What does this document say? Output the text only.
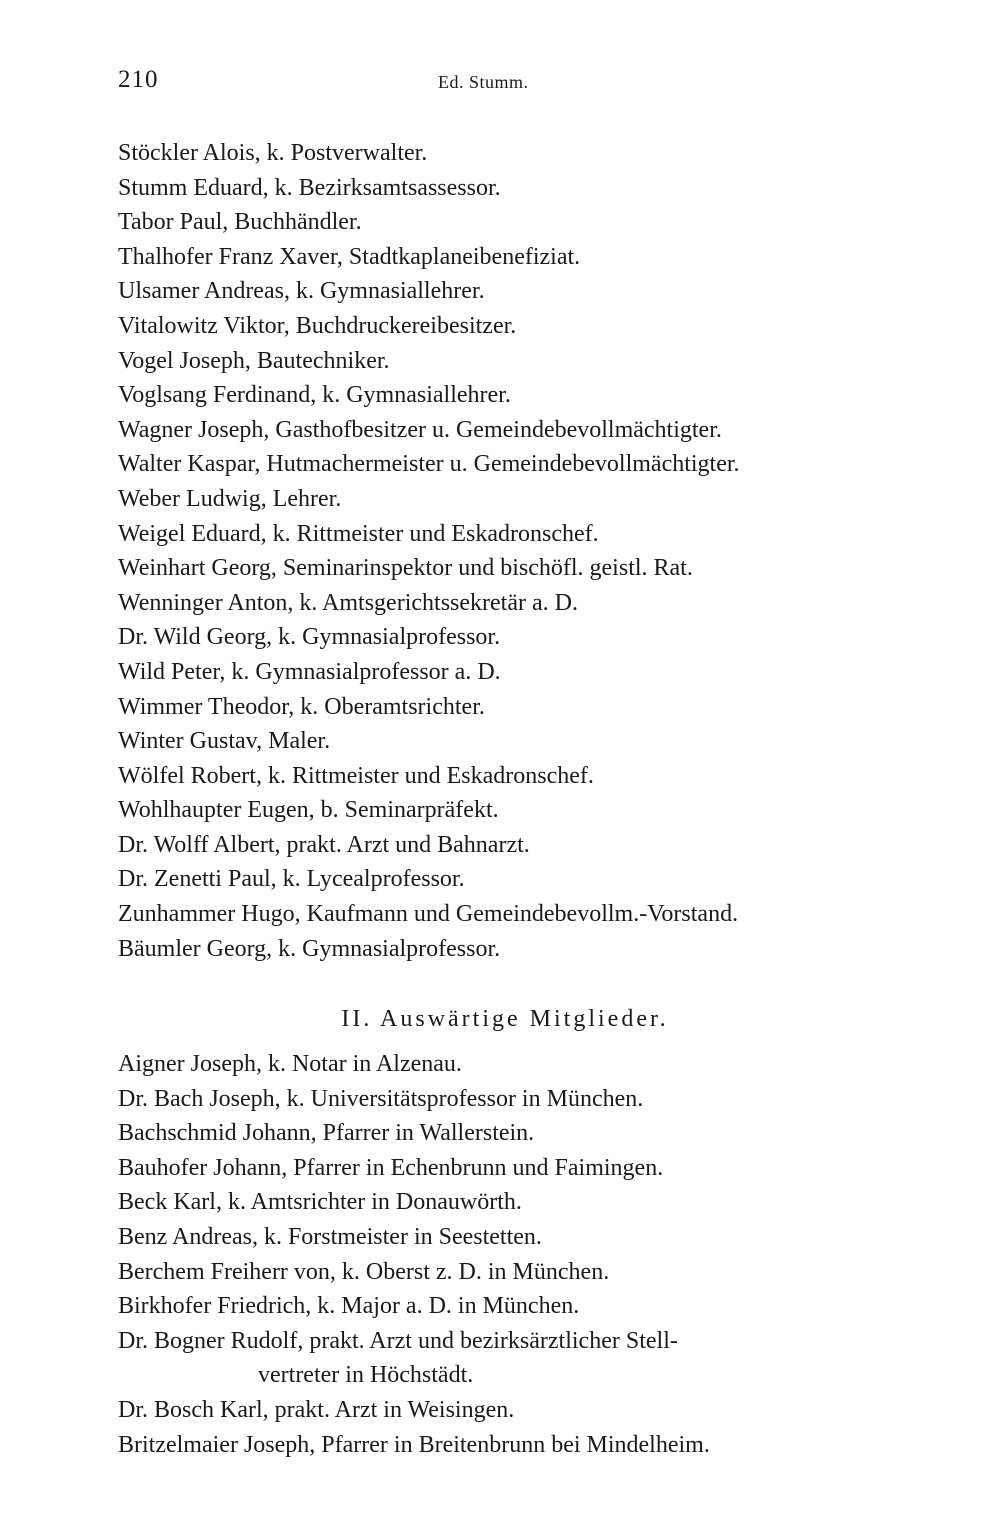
210	Ed. Stumm.
Stöckler Alois, k. Postverwalter.
Stumm Eduard, k. Bezirksamtsassessor.
Tabor Paul, Buchhändler.
Thalhofer Franz Xaver, Stadtkaplaneibenefiziat.
Ulsamer Andreas, k. Gymnasiallehrer.
Vitalowitz Viktor, Buchdruckereibesitzer.
Vogel Joseph, Bautechniker.
Voglsang Ferdinand, k. Gymnasiallehrer.
Wagner Joseph, Gasthofbesitzer u. Gemeindebevollmächtigter.
Walter Kaspar, Hutmachermeister u. Gemeindebevollmächtigter.
Weber Ludwig, Lehrer.
Weigel Eduard, k. Rittmeister und Eskadronschef.
Weinhart Georg, Seminarinspektor und bischöfl. geistl. Rat.
Wenninger Anton, k. Amtsgerichtssekretär a. D.
Dr. Wild Georg, k. Gymnasialprofessor.
Wild Peter, k. Gymnasialprofessor a. D.
Wimmer Theodor, k. Oberamtsrichter.
Winter Gustav, Maler.
Wölfel Robert, k. Rittmeister und Eskadronschef.
Wohlhaupter Eugen, b. Seminarpräfekt.
Dr. Wolff Albert, prakt. Arzt und Bahnarzt.
Dr. Zenetti Paul, k. Lycealprofessor.
Zunhammer Hugo, Kaufmann und Gemeindebevollm.-Vorstand.
Bäumler Georg, k. Gymnasialprofessor.
II. Auswärtige Mitglieder.
Aigner Joseph, k. Notar in Alzenau.
Dr. Bach Joseph, k. Universitätsprofessor in München.
Bachschmid Johann, Pfarrer in Wallerstein.
Bauhofer Johann, Pfarrer in Echenbrunn und Faimingen.
Beck Karl, k. Amtsrichter in Donauwörth.
Benz Andreas, k. Forstmeister in Seestetten.
Berchem Freiherr von, k. Oberst z. D. in München.
Birkhofer Friedrich, k. Major a. D. in München.
Dr. Bogner Rudolf, prakt. Arzt und bezirksärztlicher Stell-
vertreter in Höchstädt.
Dr. Bosch Karl, prakt. Arzt in Weisingen.
Britzelmaier Joseph, Pfarrer in Breitenbrunn bei Mindelheim.
